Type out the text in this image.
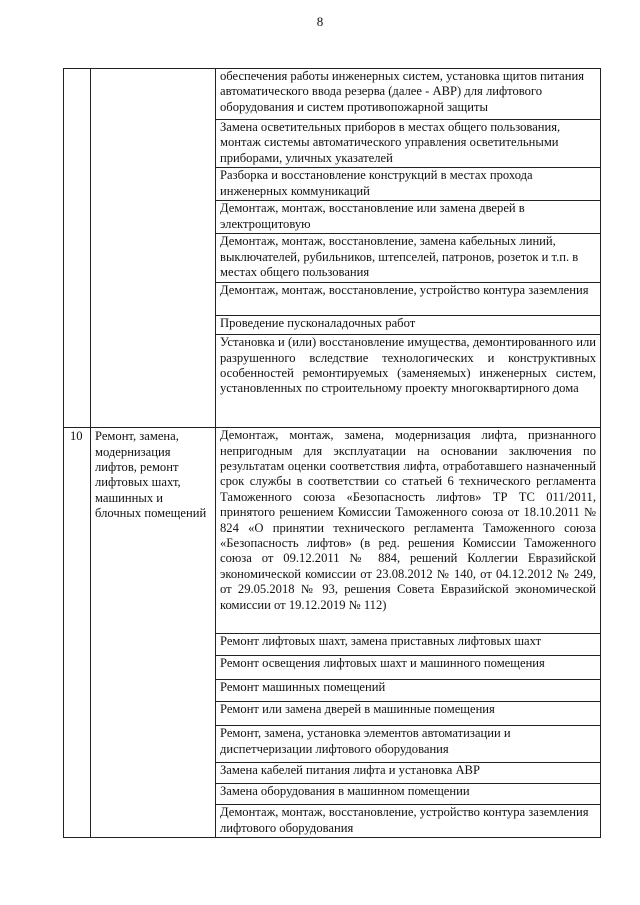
8
		обеспечения работы инженерных систем, установка щитов питания автоматического ввода резерва (далее - АВР) для лифтового оборудования и систем противопожарной защиты
		Замена осветительных приборов в местах общего пользования, монтаж системы автоматического управления осветительными приборами, уличных указателей
		Разборка и восстановление конструкций в местах прохода инженерных коммуникаций
		Демонтаж, монтаж, восстановление или замена дверей в электрощитовую
		Демонтаж, монтаж, восстановление, замена кабельных линий, выключателей, рубильников, штепселей, патронов, розеток и т.п. в местах общего пользования
		Демонтаж, монтаж, восстановление, устройство контура заземления
		Проведение пусконаладочных работ
		Установка и (или) восстановление имущества, демонтированного или разрушенного вследствие технологических и конструктивных особенностей ремонтируемых (заменяемых) инженерных систем, установленных по строительному проекту многоквартирного дома
10	Ремонт, замена, модернизация лифтов, ремонт лифтовых шахт, машинных и блочных помещений	Демонтаж, монтаж, замена, модернизация лифта, признанного непригодным для эксплуатации на основании заключения по результатам оценки соответствия лифта, отработавшего назначенный срок службы в соответствии со статьей 6 технического регламента Таможенного союза «Безопасность лифтов» ТР ТС 011/2011, принятого решением Комиссии Таможенного союза от 18.10.2011 № 824 «О принятии технического регламента Таможенного союза «Безопасность лифтов» (в ред. решения Комиссии Таможенного союза от 09.12.2011 № 884, решений Коллегии Евразийской экономической комиссии от 23.08.2012 № 140, от 04.12.2012 № 249, от 29.05.2018 № 93, решения Совета Евразийской экономической комиссии от 19.12.2019 № 112)
		Ремонт лифтовых шахт, замена приставных лифтовых шахт
		Ремонт освещения лифтовых шахт и машинного помещения
		Ремонт машинных помещений
		Ремонт или замена дверей в машинные помещения
		Ремонт, замена, установка элементов автоматизации и диспетчеризации лифтового оборудования
		Замена кабелей питания лифта и установка АВР
		Замена оборудования в машинном помещении
		Демонтаж, монтаж, восстановление, устройство контура заземления лифтового оборудования
